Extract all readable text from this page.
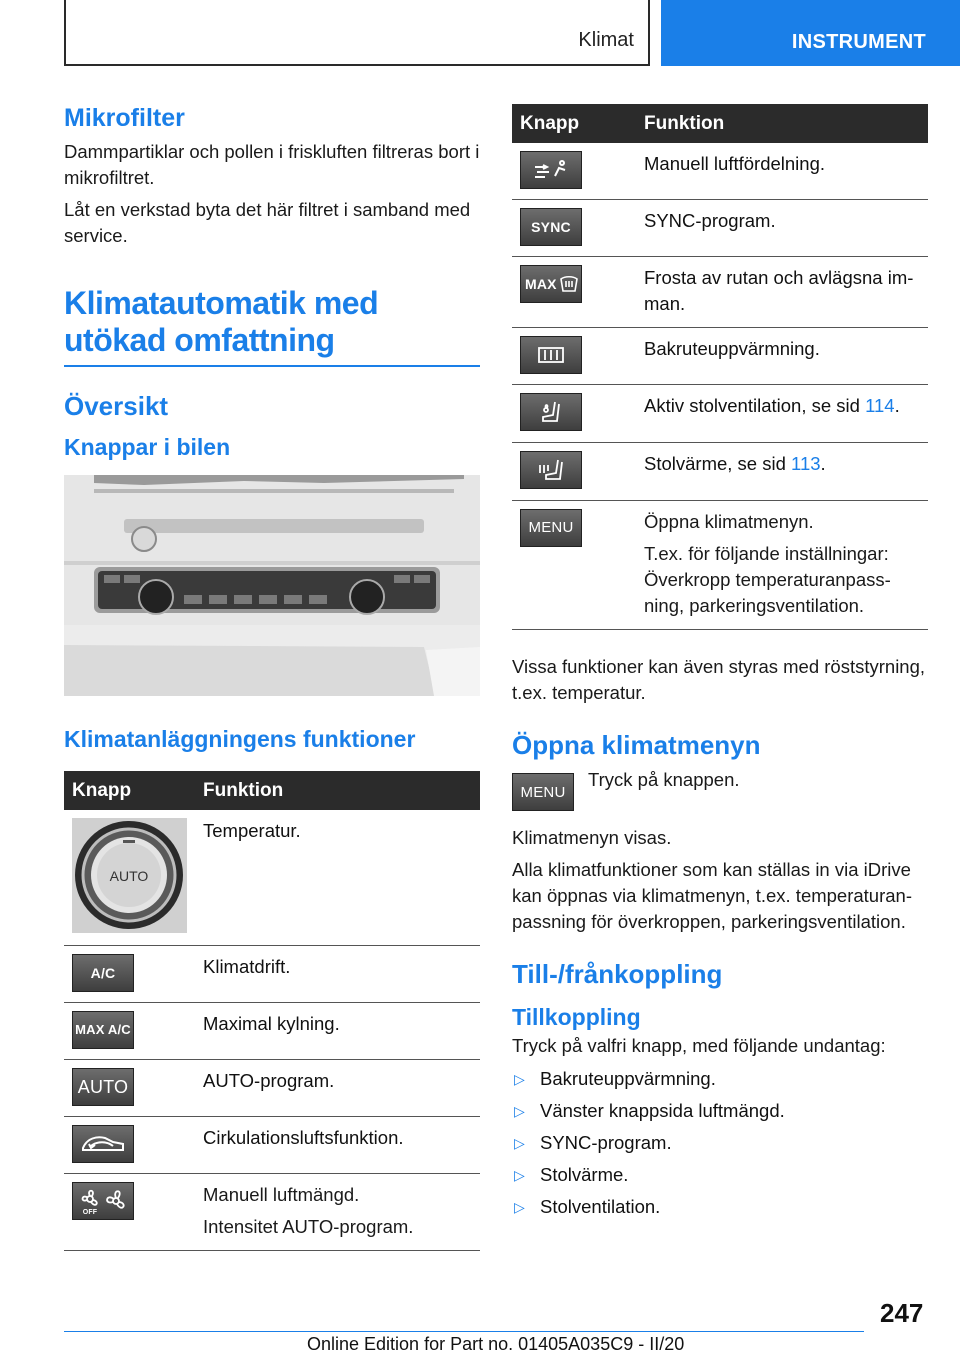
Klimat	INSTRUMENT
Mikrofilter

Dammpartiklar och pollen i friskluften filtreras bort i mikrofiltret.

Låt en verkstad byta det här filtret i samband med service.

Klimatautomatik med utökad omfattning
Översikt
Knappar i bilen
Klimatanläggningens funktioner
Knapp	Funktion

AUTO	Temperatur.
A/C	Klimatdrift.
MAX A/C	Maximal kylning.
AUTO	AUTO-program.

	Cirkulationsluftsfunktion.

OFF	Manuell luftmängd.

Intensitet AUTO-program.

Knapp	Funktion

	Manuell luftfördelning.
SYNC	SYNC-program.

MAX	Frosta av rutan och avlägsna imman.

	Bakruteuppvärmning.

	Aktiv stolventilation, se sid 114.

	Stolvärme, se sid 113.
MENU	Öppna klimatmenyn.

T.ex. för följande inställningar: Överkropp temperaturanpassning, parkeringsventilation.

Vissa funktioner kan även styras med röststyrning, t.ex. temperatur.

Öppna klimatmenyn
MENU

Tryck på knappen.

Klimatmenyn visas.

Alla klimatfunktioner som kan ställas in via iDrive kan öppnas via klimatmenyn, t.ex. temperaturanpassning för överkroppen, parkeringsventilation.

Till-/frånkoppling
Tillkoppling

Tryck på valfri knapp, med följande undantag:

▷ Bakruteuppvärmning.
▷ Vänster knappsida luftmängd.
▷ SYNC-program.
▷ Stolvärme.
▷ Stolventilation.
247
Online Edition for Part no. 01405A035C9 - II/20
